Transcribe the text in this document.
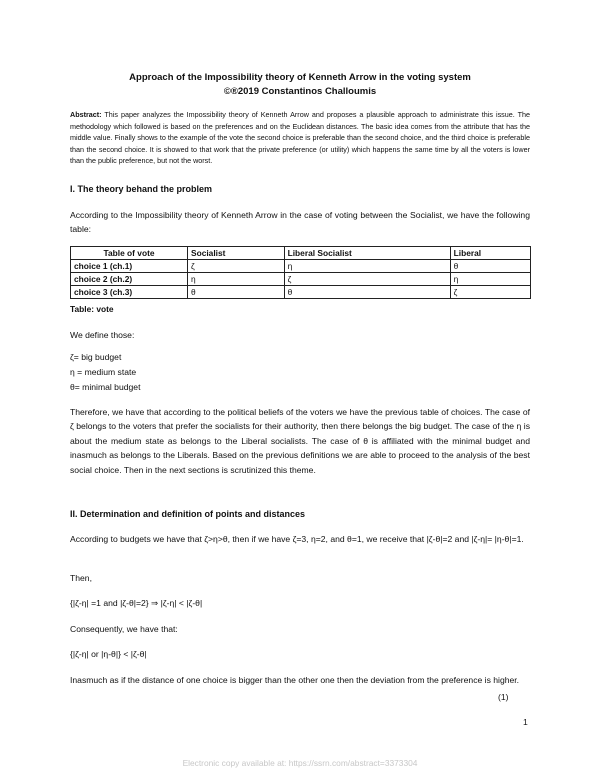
Approach of the Impossibility theory of Kenneth Arrow in the voting system
©®2019 Constantinos Challoumis
Abstract: This paper analyzes the Impossibility theory of Kenneth Arrow and proposes a plausible approach to administrate this issue. The methodology which followed is based on the preferences and on the Euclidean distances. The basic idea comes from the attribute that has the middle value. Finally shows to the example of the vote the second choice is preferable than the second choice, and the third choice is preferable than the second choice. It is showed to that work that the private preference (or utility) which happens the same time by all the voters is lower than the public preference, but not the worst.
I. The theory behand the problem
According to the Impossibility theory of Kenneth Arrow in the case of voting between the Socialist, we have the following table:
Table of vote	Socialist	Liberal Socialist	Liberal
choice 1 (ch.1)	ζ	η	θ
choice 2 (ch.2)	η	ζ	η
choice 3 (ch.3)	θ	θ	ζ
Table: vote
We define those:
ζ= big budget
η = medium state
θ= minimal budget
Therefore, we have that according to the political beliefs of the voters we have the previous table of choices. The case of ζ belongs to the voters that prefer the socialists for their authority, then there belongs the big budget. The case of the η is about the medium state as belongs to the Liberal socialists. The case of θ is affiliated with the minimal budget and inasmuch as belongs to the Liberals. Based on the previous definitions we are able to proceed to the analysis of the best social choice. Then in the next sections is scrutinized this theme.
II. Determination and definition of points and distances
According to budgets we have that ζ>η>θ, then if we have ζ=3, η=2, and θ=1, we receive that |ζ-θ|=2 and |ζ-η|= |η-θ|=1.
Then,
{|ζ-η| =1 and |ζ-θ|=2} ⇒ |ζ-η| < |ζ-θ|
Consequently, we have that:
{|ζ-η| or |η-θ|} < |ζ-θ|
Inasmuch as if the distance of one choice is bigger than the other one then the deviation from the preference is higher.
(1)
1
Electronic copy available at: https://ssrn.com/abstract=3373304
